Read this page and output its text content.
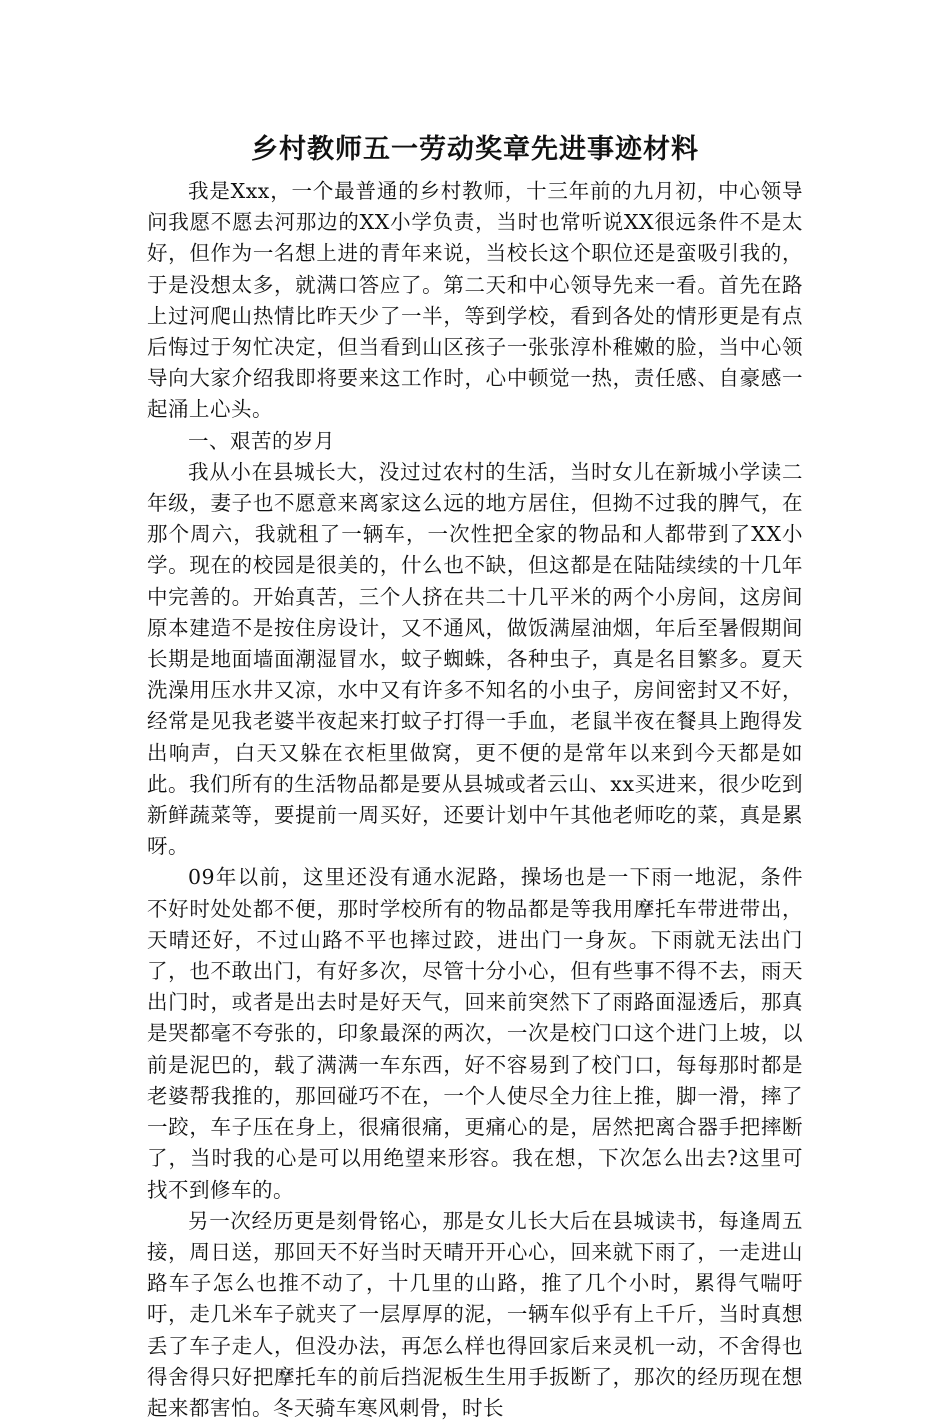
乡村教师五一劳动奖章先进事迹材料

我是Xxx，一个最普通的乡村教师，十三年前的九月初，中心领导问我愿不愿去河那边的XX小学负责，当时也常听说XX很远条件不是太好，但作为一名想上进的青年来说，当校长这个职位还是蛮吸引我的，于是没想太多，就满口答应了。第二天和中心领导先来一看。首先在路上过河爬山热情比昨天少了一半，等到学校，看到各处的情形更是有点后悔过于匆忙决定，但当看到山区孩子一张张淳朴稚嫩的脸，当中心领导向大家介绍我即将要来这工作时，心中顿觉一热，责任感、自豪感一起涌上心头。

一、艰苦的岁月

我从小在县城长大，没过过农村的生活，当时女儿在新城小学读二年级，妻子也不愿意来离家这么远的地方居住，但拗不过我的脾气，在那个周六，我就租了一辆车，一次性把全家的物品和人都带到了XX小学。现在的校园是很美的，什么也不缺，但这都是在陆陆续续的十几年中完善的。开始真苦，三个人挤在共二十几平米的两个小房间，这房间原本建造不是按住房设计，又不通风，做饭满屋油烟，年后至暑假期间长期是地面墙面潮湿冒水，蚊子蜘蛛，各种虫子，真是名目繁多。夏天洗澡用压水井又凉，水中又有许多不知名的小虫子，房间密封又不好，经常是见我老婆半夜起来打蚊子打得一手血，老鼠半夜在餐具上跑得发出响声，白天又躲在衣柜里做窝，更不便的是常年以来到今天都是如此。我们所有的生活物品都是要从县城或者云山、xx买进来，很少吃到新鲜蔬菜等，要提前一周买好，还要计划中午其他老师吃的菜，真是累呀。

09年以前，这里还没有通水泥路，操场也是一下雨一地泥，条件不好时处处都不便，那时学校所有的物品都是等我用摩托车带进带出，天晴还好，不过山路不平也摔过跤，进出门一身灰。下雨就无法出门了，也不敢出门，有好多次，尽管十分小心，但有些事不得不去，雨天出门时，或者是出去时是好天气，回来前突然下了雨路面湿透后，那真是哭都毫不夸张的，印象最深的两次，一次是校门口这个进门上坡，以前是泥巴的，载了满满一车东西，好不容易到了校门口，每每那时都是老婆帮我推的，那回碰巧不在，一个人使尽全力往上推，脚一滑，摔了一跤，车子压在身上，很痛很痛，更痛心的是，居然把离合器手把摔断了，当时我的心是可以用绝望来形容。我在想，下次怎么出去?这里可找不到修车的。

另一次经历更是刻骨铭心，那是女儿长大后在县城读书，每逢周五接，周日送，那回天不好当时天晴开开心心，回来就下雨了，一走进山路车子怎么也推不动了，十几里的山路，推了几个小时，累得气喘吁吁，走几米车子就夹了一层厚厚的泥，一辆车似乎有上千斤，当时真想丢了车子走人，但没办法，再怎么样也得回家后来灵机一动，不舍得也得舍得只好把摩托车的前后挡泥板生生用手扳断了，那次的经历现在想起来都害怕。冬天骑车寒风刺骨，时长
